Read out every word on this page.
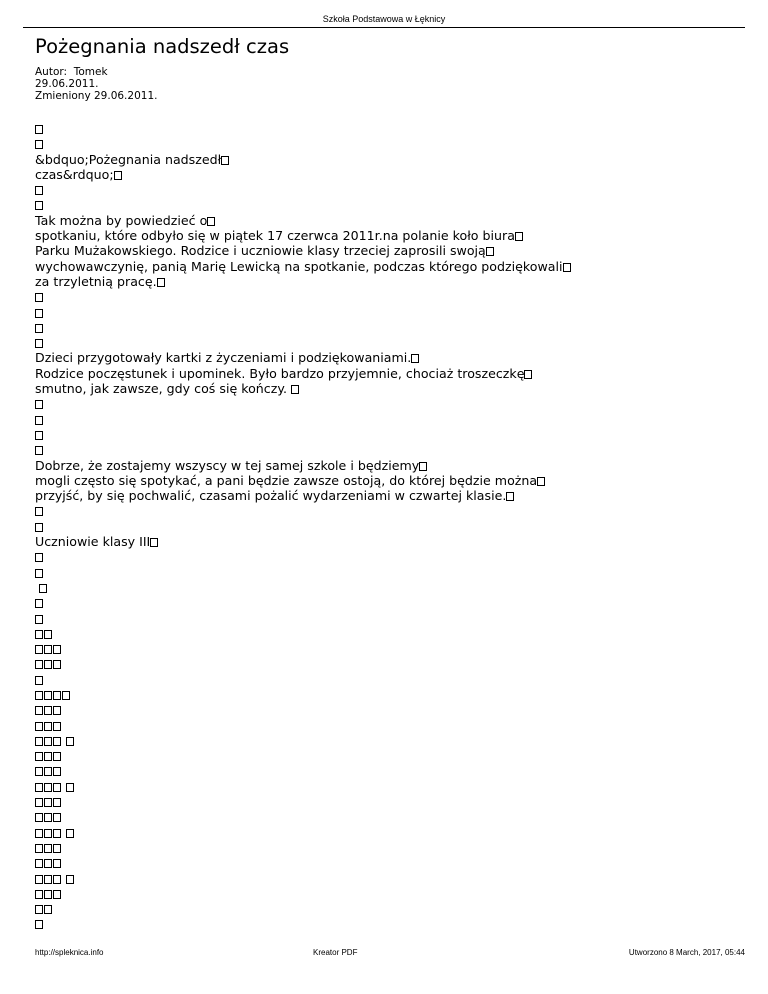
Szkoła Podstawowa w Łęknicy
Pożegnania nadszedł czas
Autor:  Tomek
29.06.2011.
Zmieniony 29.06.2011.
&bdquo;Pożegnania nadszedł
czas&rdquo;
Tak można by powiedzieć o
spotkaniu, które odbyło się w piątek 17 czerwca 2011r.na polanie koło biura
Parku Mużakowskiego. Rodzice i uczniowie klasy trzeciej zaprosili swoją
wychowawczynię, panią Marię Lewicką na spotkanie, podczas którego podziękowali
za trzyletnią pracę.
Dzieci przygotowały kartki z życzeniami i podziękowaniami.
Rodzice poczęstunek i upominek. Było bardzo przyjemnie, chociaż troszeczkę
smutno, jak zawsze, gdy coś się kończy.
Dobrze, że zostajemy wszyscy w tej samej szkole i będziemy
mogli często się spotykać, a pani będzie zawsze ostoją, do której będzie można
przyjść, by się pochwalić, czasami pożalić wydarzeniami w czwartej klasie.
Uczniowie klasy III

http://spleknica.info	Kreator PDF	Utworzono 8 March, 2017, 05:44
